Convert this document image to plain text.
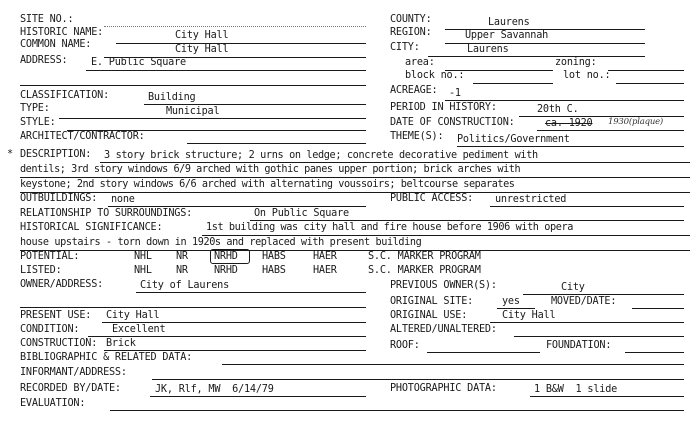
SITE NO.:
HISTORIC NAME:	City Hall
COMMON NAME:	City Hall
ADDRESS: E. Public Square
CLASSIFICATION:	Building
TYPE:	Municipal
STYLE:
ARCHITECT/CONTRACTOR:
COUNTY:	Laurens
REGION:	Upper Savannah
CITY:	Laurens
area:	zoning:
block no.:	lot no.:
ACREAGE: -1
PERIOD IN HISTORY:	20th C.
DATE OF CONSTRUCTION:	ca. 1920 1930(plaque)
THEME(S): Politics/Government
* DESCRIPTION: 3 story brick structure; 2 urns on ledge; concrete decorative pediment with
dentils; 3rd story windows 6/9 arched with gothic panes upper portion; brick arches with
keystone; 2nd story windows 6/6 arched with alternating voussoirs; beltcourse separates
OUTBUILDINGS: none	PUBLIC ACCESS: unrestricted
RELATIONSHIP TO SURROUNDINGS:	On Public Square
HISTORICAL SIGNIFICANCE:	1st building was city hall and fire house before 1906 with opera
house upstairs - torn down in 1920s and replaced with present building
POTENTIAL:	NHL NR	NRHD HABS	HAER	S.C. MARKER PROGRAM
LISTED:	NHL NR	NRHD HABS	HAER	S.C. MARKER PROGRAM
OWNER/ADDRESS:	City of Laurens	PREVIOUS OWNER(S):	City
ORIGINAL SITE:	yes	MOVED/DATE:
PRESENT USE: City Hall	ORIGINAL USE:	City Hall
CONDITION:	Excellent	ALTERED/UNALTERED:
CONSTRUCTION: Brick	ROOF:	FOUNDATION:
BIBLIOGRAPHIC & RELATED DATA:
INFORMANT/ADDRESS:
RECORDED BY/DATE:	JK, Rlf, MW  6/14/79	PHOTOGRAPHIC DATA:	1 B&W  1 slide
EVALUATION:
